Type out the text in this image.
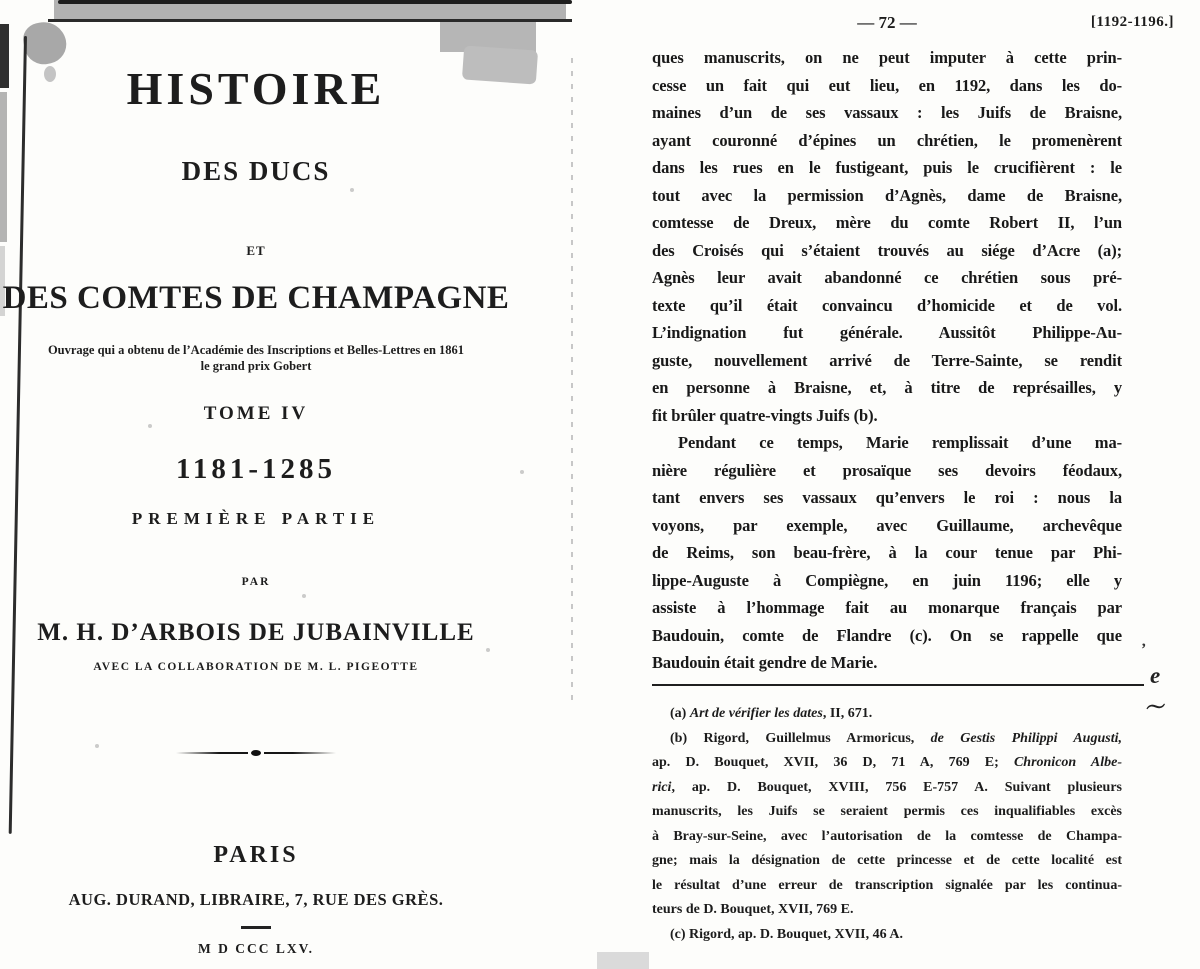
HISTOIRE
DES DUCS
ET
DES COMTES DE CHAMPAGNE
Ouvrage qui a obtenu de l’Académie des Inscriptions et Belles-Lettres en 1861
le grand prix Gobert
TOME IV
1181-1285
PREMIÈRE PARTIE
PAR
M. H. D’ARBOIS DE JUBAINVILLE
AVEC LA COLLABORATION DE M. L. PIGEOTTE
PARIS
AUG. DURAND, LIBRAIRE, 7, RUE DES GRÈS.
M D CCC LXV.
— 72 —	[1192-1196.]
ques manuscrits, on ne peut imputer à cette prin-
cesse un fait qui eut lieu, en 1192, dans les do-
maines d’un de ses vassaux : les Juifs de Braisne,
ayant couronné d’épines un chrétien, le promenèrent
dans les rues en le fustigeant, puis le crucifièrent : le
tout avec la permission d’Agnès, dame de Braisne,
comtesse de Dreux, mère du comte Robert II, l’un
des Croisés qui s’étaient trouvés au siége d’Acre (a);
Agnès leur avait abandonné ce chrétien sous pré-
texte qu’il était convaincu d’homicide et de vol.
L’indignation fut générale. Aussitôt Philippe-Au-
guste, nouvellement arrivé de Terre-Sainte, se rendit
en personne à Braisne, et, à titre de représailles, y
fit brûler quatre-vingts Juifs (b).
Pendant ce temps, Marie remplissait d’une ma-
nière régulière et prosaïque ses devoirs féodaux,
tant envers ses vassaux qu’envers le roi : nous la
voyons, par exemple, avec Guillaume, archevêque
de Reims, son beau-frère, à la cour tenue par Phi-
lippe-Auguste à Compiègne, en juin 1196; elle y
assiste à l’hommage fait au monarque français par
Baudouin, comte de Flandre (c). On se rappelle que
Baudouin était gendre de Marie.
(a) Art de vérifier les dates, II, 671.
(b) Rigord, Guillelmus Armoricus, de Gestis Philippi Augusti,
ap. D. Bouquet, XVII, 36 D, 71 A, 769 E; Chronicon Albe-
rici, ap. D. Bouquet, XVIII, 756 E-757 A. Suivant plusieurs
manuscrits, les Juifs se seraient permis ces inqualifiables excès
à Bray-sur-Seine, avec l’autorisation de la comtesse de Champa-
gne; mais la désignation de cette princesse et de cette localité est
le résultat d’une erreur de transcription signalée par les continua-
teurs de D. Bouquet, XVII, 769 E.
(c) Rigord, ap. D. Bouquet, XVII, 46 A.
’
e
〜
